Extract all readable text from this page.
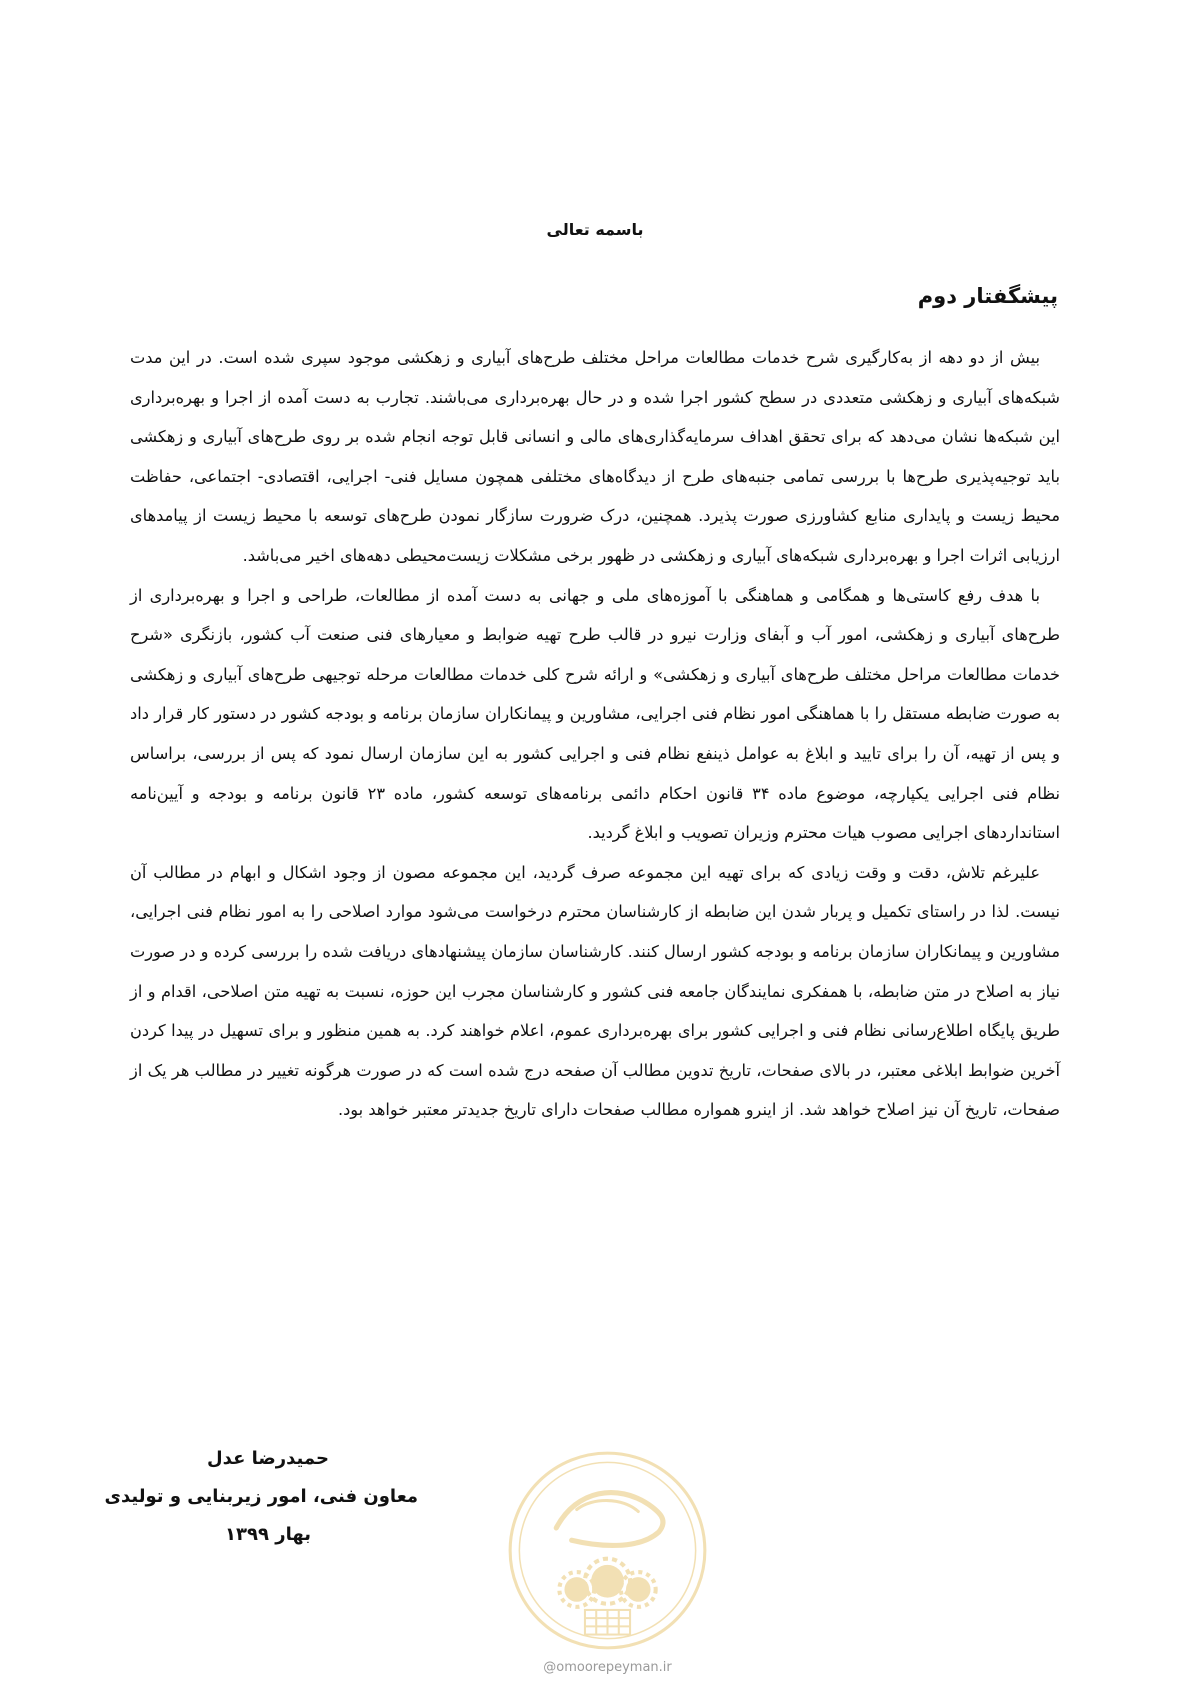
باسمه تعالی
پیشگفتار دوم

بیش از دو دهه از به‌کارگیری شرح خدمات مطالعات مراحل مختلف طرح‌های آبیاری و زهکشی موجود سپری شده است. در این مدت شبکه‌های آبیاری و زهکشی متعددی در سطح کشور اجرا شده و در حال بهره‌برداری می‌باشند. تجارب به دست آمده از اجرا و بهره‌برداری این شبکه‌ها نشان می‌دهد که برای تحقق اهداف سرمایه‌گذاری‌های مالی و انسانی قابل توجه انجام شده بر روی طرح‌های آبیاری و زهکشی باید توجیه‌پذیری طرح‌ها با بررسی تمامی جنبه‌های طرح از دیدگاه‌های مختلفی همچون مسایل فنی- اجرایی، اقتصادی- اجتماعی، حفاظت محیط زیست و پایداری منابع کشاورزی صورت پذیرد. همچنین، درک ضرورت سازگار نمودن طرح‌های توسعه با محیط زیست از پیامدهای ارزیابی اثرات اجرا و بهره‌برداری شبکه‌های آبیاری و زهکشی در ظهور برخی مشکلات زیست‌محیطی دهه‌های اخیر می‌باشد.

با هدف رفع کاستی‌ها و همگامی و هماهنگی با آموزه‌های ملی و جهانی به دست آمده از مطالعات، طراحی و اجرا و بهره‌برداری از طرح‌های آبیاری و زهکشی، امور آب و آبفای وزارت نیرو در قالب طرح تهیه ضوابط و معیارهای فنی صنعت آب کشور، بازنگری «شرح خدمات مطالعات مراحل مختلف طرح‌های آبیاری و زهکشی» و ارائه شرح کلی خدمات مطالعات مرحله توجیهی طرح‌های آبیاری و زهکشی به صورت ضابطه مستقل را با هماهنگی امور نظام فنی اجرایی، مشاورین و پیمانکاران سازمان برنامه و بودجه کشور در دستور کار قرار داد و پس از تهیه، آن را برای تایید و ابلاغ به عوامل ذینفع نظام فنی و اجرایی کشور به این سازمان ارسال نمود که پس از بررسی، براساس نظام فنی اجرایی یکپارچه، موضوع ماده ۳۴ قانون احکام دائمی برنامه‌های توسعه کشور، ماده ۲۳ قانون برنامه و بودجه و آیین‌نامه استانداردهای اجرایی مصوب هیات محترم وزیران تصویب و ابلاغ گردید.

علیرغم تلاش، دقت و وقت زیادی که برای تهیه این مجموعه صرف گردید، این مجموعه مصون از وجود اشکال و ابهام در مطالب آن نیست. لذا در راستای تکمیل و پربار شدن این ضابطه از کارشناسان محترم درخواست می‌شود موارد اصلاحی را به امور نظام فنی اجرایی، مشاورین و پیمانکاران سازمان برنامه و بودجه کشور ارسال کنند. کارشناسان سازمان پیشنهادهای دریافت شده را بررسی کرده و در صورت نیاز به اصلاح در متن ضابطه، با همفکری نمایندگان جامعه فنی کشور و کارشناسان مجرب این حوزه، نسبت به تهیه متن اصلاحی، اقدام و از طریق پایگاه اطلاع‌رسانی نظام فنی و اجرایی کشور برای بهره‌برداری عموم، اعلام خواهند کرد. به همین منظور و برای تسهیل در پیدا کردن آخرین ضوابط ابلاغی معتبر، در بالای صفحات، تاریخ تدوین مطالب آن صفحه درج شده است که در صورت هرگونه تغییر در مطالب هر یک از صفحات، تاریخ آن نیز اصلاح خواهد شد. از اینرو همواره مطالب صفحات دارای تاریخ جدیدتر معتبر خواهد بود.

حمیدرضا عدل
معاون فنی، امور زیربنایی و تولیدی
بهار ۱۳۹۹
@omoorepeyman.ir
